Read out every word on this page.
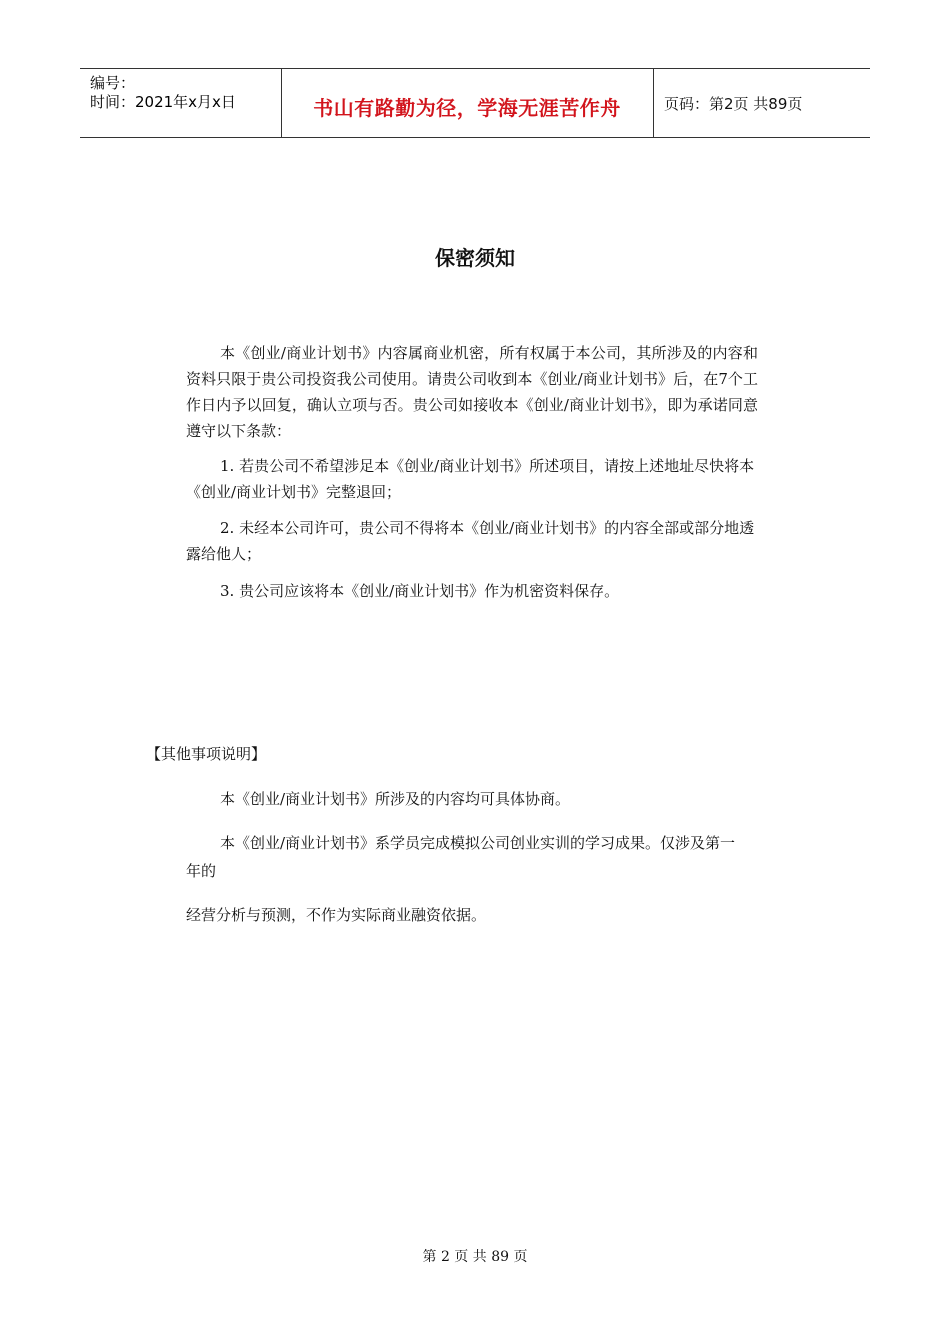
编号：
时间：2021年x月x日	书山有路勤为径，学海无涯苦作舟	页码：第2页 共89页
保密须知
本《创业/商业计划书》内容属商业机密，所有权属于本公司，其所涉及的内容和资料只限于贵公司投资我公司使用。请贵公司收到本《创业/商业计划书》后，在7个工作日内予以回复，确认立项与否。贵公司如接收本《创业/商业计划书》，即为承诺同意遵守以下条款：
1. 若贵公司不希望涉足本《创业/商业计划书》所述项目，请按上述地址尽快将本《创业/商业计划书》完整退回；
2. 未经本公司许可，贵公司不得将本《创业/商业计划书》的内容全部或部分地透露给他人；
3. 贵公司应该将本《创业/商业计划书》作为机密资料保存。
【其他事项说明】
本《创业/商业计划书》所涉及的内容均可具体协商。
本《创业/商业计划书》系学员完成模拟公司创业实训的学习成果。仅涉及第一
年的
经营分析与预测，不作为实际商业融资依据。
第 2 页 共 89 页
